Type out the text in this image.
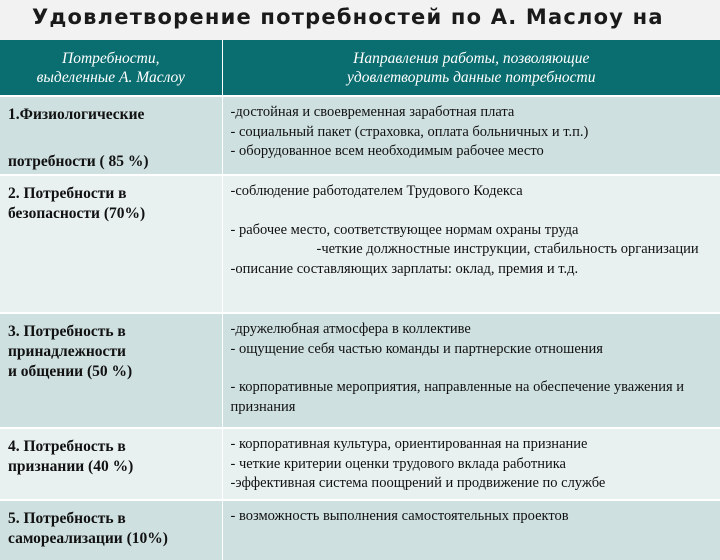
Удовлетворение потребностей по А. Маслоу на
Потребности,
выделенные А. Маслоу	Направления работы, позволяющие
удовлетворить данные потребности

1.Физиологические
потребности ( 85 %)	-достойная и своевременная заработная плата
- социальный пакет (страховка, оплата больничных и т.п.)
- оборудованное всем необходимым рабочее место

2. Потребности в
безопасности (70%)	-соблюдение работодателем Трудового Кодекса
- рабочее место, соответствующее нормам охраны труда
-четкие должностные инструкции, стабильность организации
-описание составляющих зарплаты: оклад, премия и т.д.

3. Потребность в
принадлежности
и общении (50 %)	-дружелюбная атмосфера в коллективе
- ощущение себя частью команды и партнерские отношения
- корпоративные мероприятия, направленные на обеспечение уважения и признания

4. Потребность в
признании (40 %)	- корпоративная культура, ориентированная на признание
- четкие критерии оценки трудового вклада работника
-эффективная система поощрений и продвижение по службе

5. Потребность в
самореализации (10%)	- возможность выполнения самостоятельных проектов
